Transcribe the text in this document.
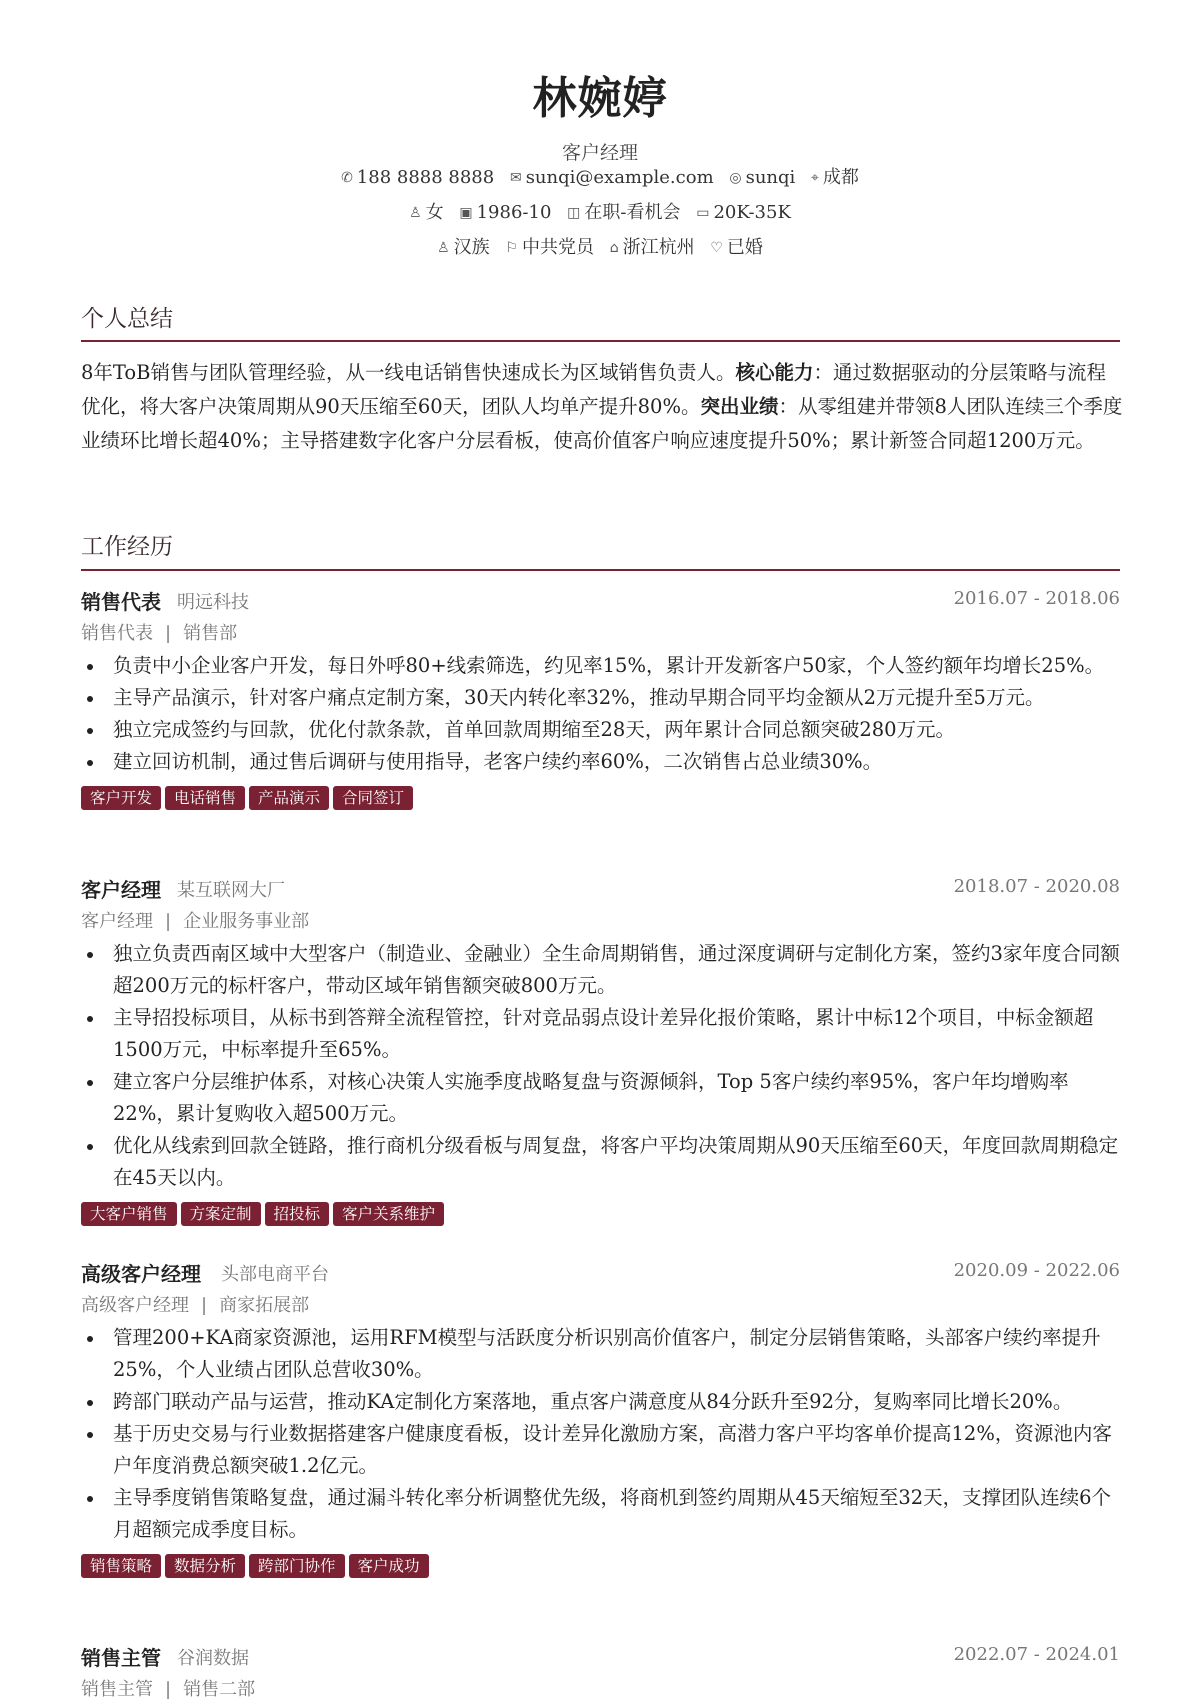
林婉婷
客户经理
✆ 188 8888 8888 ✉ sunqi@example.com ◎ sunqi ⌖ 成都
♙ 女 ▣ 1986-10 ◫ 在职-看机会 ▭ 20K-35K
♙ 汉族 ⚐ 中共党员 ⌂ 浙江杭州 ♡ 已婚
个人总结
8年ToB销售与团队管理经验，从一线电话销售快速成长为区域销售负责人。核心能力：通过数据驱动的分层策略与流程优化，将大客户决策周期从90天压缩至60天，团队人均单产提升80%。突出业绩：从零组建并带领8人团队连续三个季度业绩环比增长超40%；主导搭建数字化客户分层看板，使高价值客户响应速度提升50%；累计新签合同超1200万元。
工作经历
销售代表 明远科技	2016.07 - 2018.06
销售代表 | 销售部
负责中小企业客户开发，每日外呼80+线索筛选，约见率15%，累计开发新客户50家，个人签约额年均增长25%。
主导产品演示，针对客户痛点定制方案，30天内转化率32%，推动早期合同平均金额从2万元提升至5万元。
独立完成签约与回款，优化付款条款，首单回款周期缩至28天，两年累计合同总额突破280万元。
建立回访机制，通过售后调研与使用指导，老客户续约率60%，二次销售占总业绩30%。
客户开发 电话销售 产品演示 合同签订
客户经理 某互联网大厂	2018.07 - 2020.08
客户经理 | 企业服务事业部
独立负责西南区域中大型客户（制造业、金融业）全生命周期销售，通过深度调研与定制化方案，签约3家年度合同额超200万元的标杆客户，带动区域年销售额突破800万元。
主导招投标项目，从标书到答辩全流程管控，针对竞品弱点设计差异化报价策略，累计中标12个项目，中标金额超1500万元，中标率提升至65%。
建立客户分层维护体系，对核心决策人实施季度战略复盘与资源倾斜，Top 5客户续约率95%，客户年均增购率22%，累计复购收入超500万元。
优化从线索到回款全链路，推行商机分级看板与周复盘，将客户平均决策周期从90天压缩至60天，年度回款周期稳定在45天以内。
大客户销售 方案定制 招投标 客户关系维护
高级客户经理 头部电商平台	2020.09 - 2022.06
高级客户经理 | 商家拓展部
管理200+KA商家资源池，运用RFM模型与活跃度分析识别高价值客户，制定分层销售策略，头部客户续约率提升25%，个人业绩占团队总营收30%。
跨部门联动产品与运营，推动KA定制化方案落地，重点客户满意度从84分跃升至92分，复购率同比增长20%。
基于历史交易与行业数据搭建客户健康度看板，设计差异化激励方案，高潜力客户平均客单价提高12%，资源池内客户年度消费总额突破1.2亿元。
主导季度销售策略复盘，通过漏斗转化率分析调整优先级，将商机到签约周期从45天缩短至32天，支撑团队连续6个月超额完成季度目标。
销售策略 数据分析 跨部门协作 客户成功
销售主管 谷润数据	2022.07 - 2024.01
销售主管 | 销售二部
